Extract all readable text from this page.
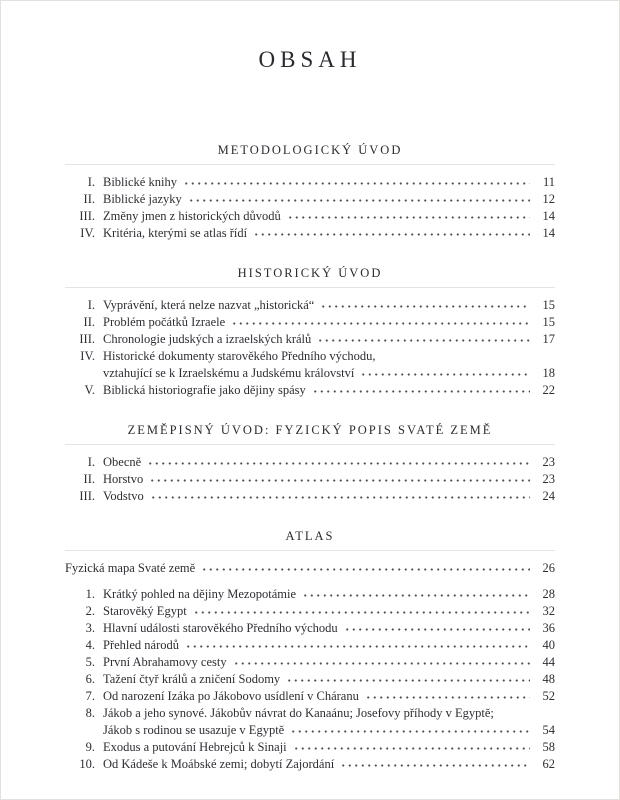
OBSAH
METODOLOGICKÝ ÚVOD
I. Biblické knihy	11
II. Biblické jazyky	12
III. Změny jmen z historických důvodů	14
IV. Kritéria, kterými se atlas řídí	14
HISTORICKÝ ÚVOD
I. Vyprávění, která nelze nazvat „historická“	15
II. Problém počátků Izraele	15
III. Chronologie judských a izraelských králů	17
IV. Historické dokumenty starověkého Předního východu,
vztahující se k Izraelskému a Judskému království	18
V. Biblická historiografie jako dějiny spásy	22
ZEMĚPISNÝ ÚVOD: FYZICKÝ POPIS SVATÉ ZEMĚ
I. Obecně	23
II. Horstvo	23
III. Vodstvo	24
ATLAS
Fyzická mapa Svaté země	26
1. Krátký pohled na dějiny Mezopotámie	28
2. Starověký Egypt	32
3. Hlavní události starověkého Předního východu	36
4. Přehled národů	40
5. První Abrahamovy cesty	44
6. Tažení čtyř králů a zničení Sodomy	48
7. Od narození Izáka po Jákobovo usídlení v Cháranu	52
8. Jákob a jeho synové. Jákobův návrat do Kanaánu; Josefovy příhody v Egyptě;
Jákob s rodinou se usazuje v Egyptě	54
9. Exodus a putování Hebrejců k Sinaji	58
10. Od Kádeše k Moábské zemi; dobytí Zajordání	62
